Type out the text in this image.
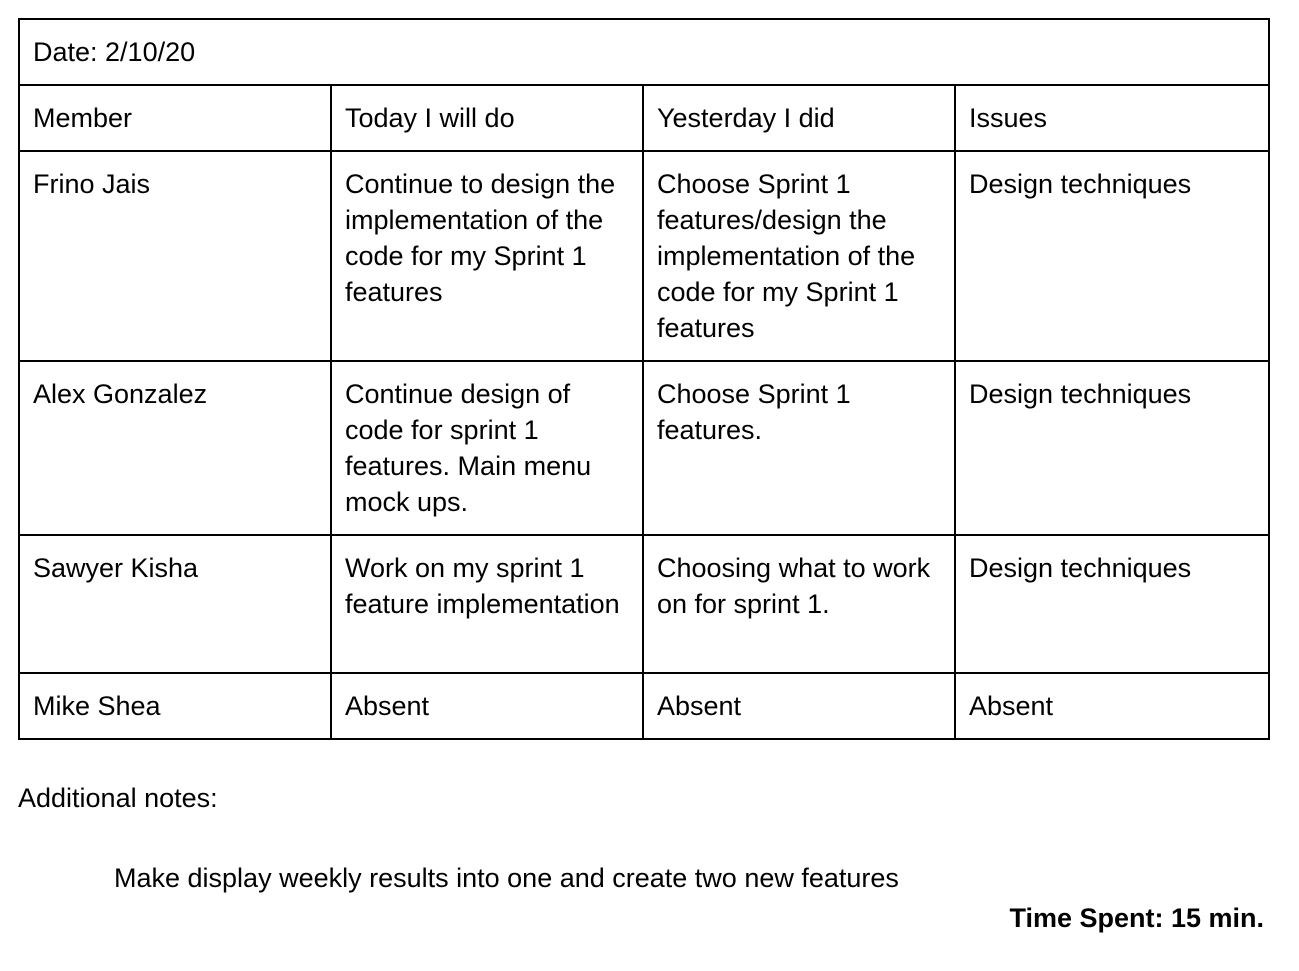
Date: 2/10/20			
Member	Today I will do	Yesterday I did	Issues
Frino Jais	Continue to design the implementation of the code for my Sprint 1 features	Choose Sprint 1 features/design the implementation of the code for my Sprint 1 features	Design techniques
Alex Gonzalez	Continue design of code for sprint 1 features. Main menu mock ups.	Choose Sprint 1 features.	Design techniques
Sawyer Kisha	Work on my sprint 1 feature implementation	Choosing what to work on for sprint 1.	Design techniques
Mike Shea	Absent	Absent	Absent
Additional notes:
Make display weekly results into one and create two new features
Time Spent: 15 min.
